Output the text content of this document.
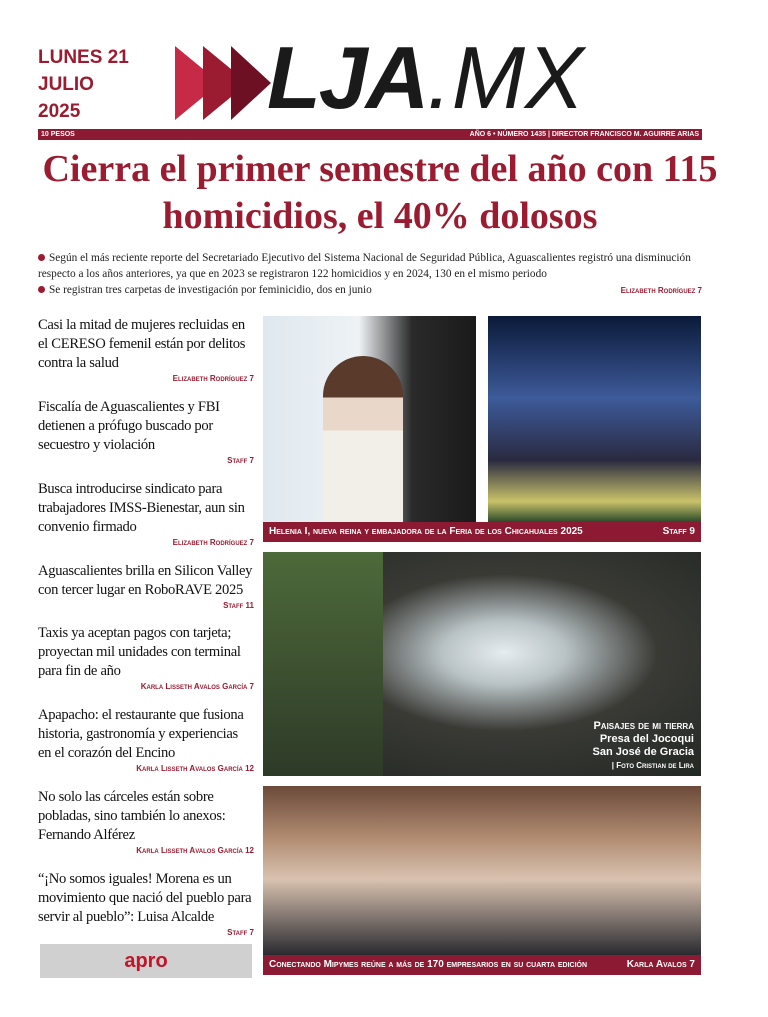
LUNES 21
JULIO
2025	LJA.MX
10 PESOS	AÑO 6 • NÚMERO 1435 | DIRECTOR FRANCISCO M. AGUIRRE ARIAS
Cierra el primer semestre del año con 115 homicidios, el 40% dolosos

Según el más reciente reporte del Secretariado Ejecutivo del Sistema Nacional de Seguridad Pública, Aguascalientes registró una disminución respecto a los años anteriores, ya que en 2023 se registraron 122 homicidios y en 2024, 130 en el mismo periodo

Se registran tres carpetas de investigación por feminicidio, dos en junio	Elizabeth Rodríguez 7
Casi la mitad de mujeres recluidas en el CERESO femenil están por delitos contra la salud
Elizabeth Rodríguez 7
Fiscalía de Aguascalientes y FBI detienen a prófugo buscado por secuestro y violación
Staff 7
Busca introducirse sindicato para trabajadores IMSS-Bienestar, aun sin convenio firmado
Elizabeth Rodríguez 7
Aguascalientes brilla en Silicon Valley con tercer lugar en RoboRAVE 2025
Staff 11
Taxis ya aceptan pagos con tarjeta; proyectan mil unidades con terminal para fin de año
Karla Lisseth Avalos García 7
Apapacho: el restaurante que fusiona historia, gastronomía y experiencias en el corazón del Encino
Karla Lisseth Avalos García 12
No solo las cárceles están sobre pobladas, sino también lo anexos: Fernando Alférez
Karla Lisseth Avalos García 12
“¡No somos iguales! Morena es un movimiento que nació del pueblo para servir al pueblo”: Luisa Alcalde
Staff 7
Helenia I, nueva reina y embajadora de la Feria de los Chicahuales 2025	Staff 9
Paisajes de mi tierra
Presa del Jocoqui
San José de Gracia
| Foto Cristian de Lira
Conectando Mipymes reúne a más de 170 empresarios en su cuarta edición	Karla Avalos 7
apro
